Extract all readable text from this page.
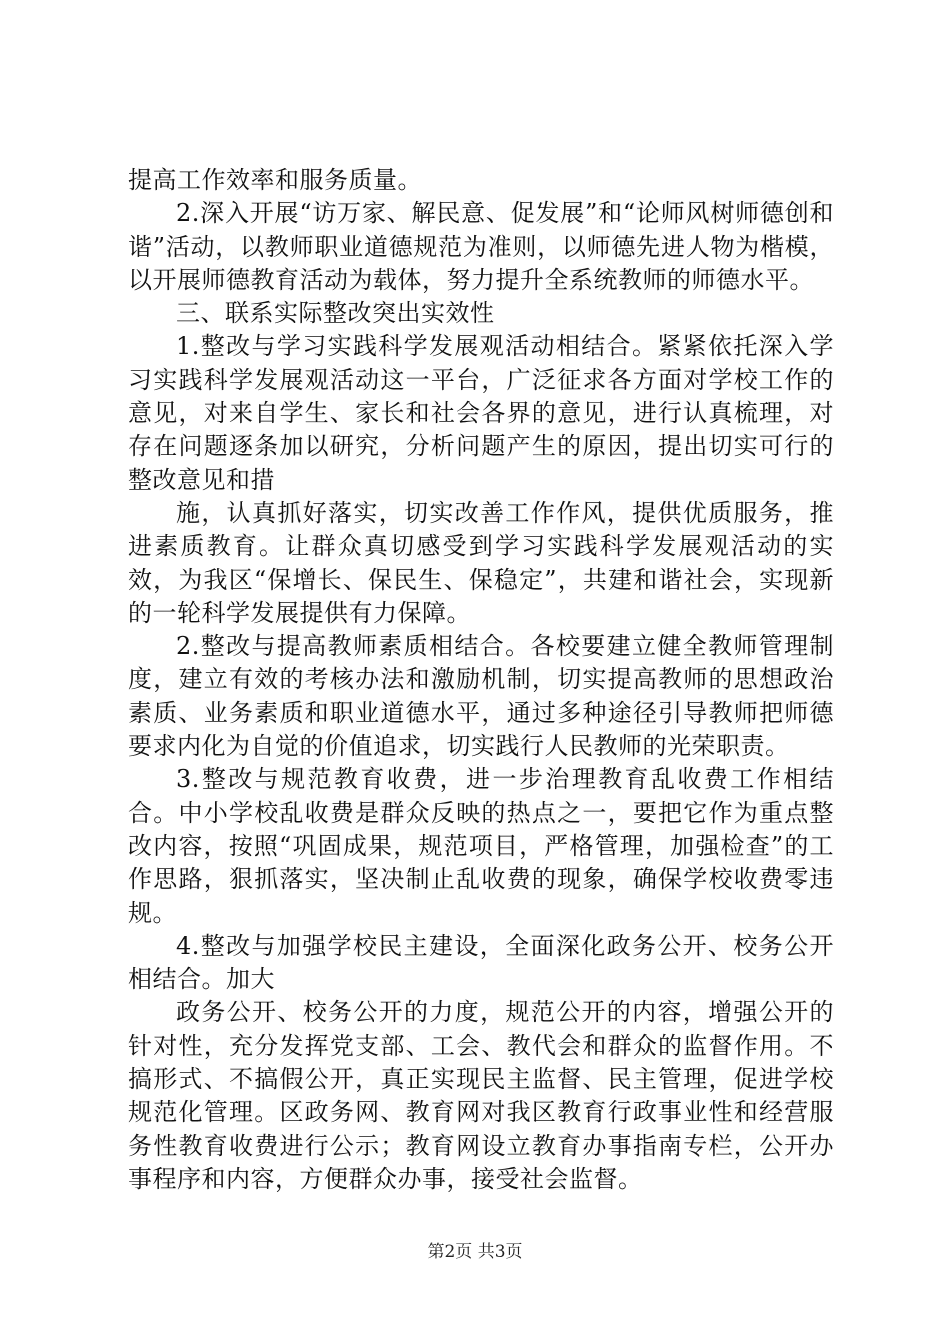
提高工作效率和服务质量。

2.深入开展“访万家、解民意、促发展”和“论师风树师德创和谐”活动，以教师职业道德规范为准则，以师德先进人物为楷模，以开展师德教育活动为载体，努力提升全系统教师的师德水平。

三、联系实际整改突出实效性

1.整改与学习实践科学发展观活动相结合。紧紧依托深入学习实践科学发展观活动这一平台，广泛征求各方面对学校工作的意见，对来自学生、家长和社会各界的意见，进行认真梳理，对存在问题逐条加以研究，分析问题产生的原因，提出切实可行的整改意见和措

施，认真抓好落实，切实改善工作作风，提供优质服务，推进素质教育。让群众真切感受到学习实践科学发展观活动的实效，为我区“保增长、保民生、保稳定”，共建和谐社会，实现新的一轮科学发展提供有力保障。

2.整改与提高教师素质相结合。各校要建立健全教师管理制度，建立有效的考核办法和激励机制，切实提高教师的思想政治素质、业务素质和职业道德水平，通过多种途径引导教师把师德要求内化为自觉的价值追求，切实践行人民教师的光荣职责。

3.整改与规范教育收费，进一步治理教育乱收费工作相结合。中小学校乱收费是群众反映的热点之一，要把它作为重点整改内容，按照“巩固成果，规范项目，严格管理，加强检查”的工作思路，狠抓落实，坚决制止乱收费的现象，确保学校收费零违规。

4.整改与加强学校民主建设，全面深化政务公开、校务公开相结合。加大

政务公开、校务公开的力度，规范公开的内容，增强公开的针对性，充分发挥党支部、工会、教代会和群众的监督作用。不搞形式、不搞假公开，真正实现民主监督、民主管理，促进学校规范化管理。区政务网、教育网对我区教育行政事业性和经营服务性教育收费进行公示；教育网设立教育办事指南专栏，公开办事程序和内容，方便群众办事，接受社会监督。

第2页 共3页
